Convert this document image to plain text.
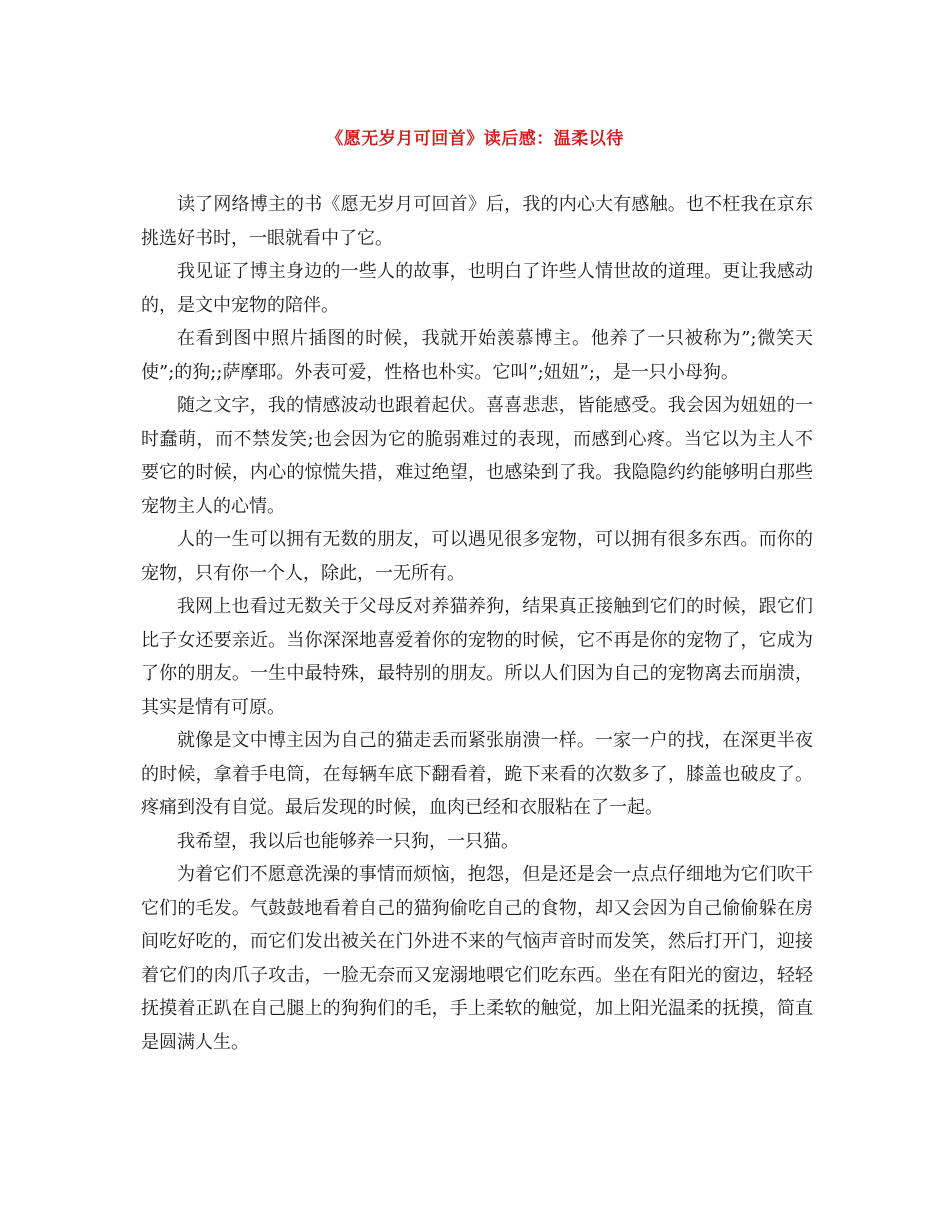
《愿无岁月可回首》读后感：温柔以待

读了网络博主的书《愿无岁月可回首》后，我的内心大有感触。也不枉我在京东挑选好书时，一眼就看中了它。

我见证了博主身边的一些人的故事，也明白了许些人情世故的道理。更让我感动的，是文中宠物的陪伴。

在看到图中照片插图的时候，我就开始羡慕博主。他养了一只被称为”;微笑天使”;的狗;;萨摩耶。外表可爱，性格也朴实。它叫”;妞妞”;，是一只小母狗。

随之文字，我的情感波动也跟着起伏。喜喜悲悲，皆能感受。我会因为妞妞的一时蠢萌，而不禁发笑;也会因为它的脆弱难过的表现，而感到心疼。当它以为主人不要它的时候，内心的惊慌失措，难过绝望，也感染到了我。我隐隐约约能够明白那些宠物主人的心情。

人的一生可以拥有无数的朋友，可以遇见很多宠物，可以拥有很多东西。而你的宠物，只有你一个人，除此，一无所有。

我网上也看过无数关于父母反对养猫养狗，结果真正接触到它们的时候，跟它们比子女还要亲近。当你深深地喜爱着你的宠物的时候，它不再是你的宠物了，它成为了你的朋友。一生中最特殊，最特别的朋友。所以人们因为自己的宠物离去而崩溃，其实是情有可原。

就像是文中博主因为自己的猫走丢而紧张崩溃一样。一家一户的找，在深更半夜的时候，拿着手电筒，在每辆车底下翻看着，跪下来看的次数多了，膝盖也破皮了。疼痛到没有自觉。最后发现的时候，血肉已经和衣服粘在了一起。

我希望，我以后也能够养一只狗，一只猫。

为着它们不愿意洗澡的事情而烦恼，抱怨，但是还是会一点点仔细地为它们吹干它们的毛发。气鼓鼓地看着自己的猫狗偷吃自己的食物，却又会因为自己偷偷躲在房间吃好吃的，而它们发出被关在门外进不来的气恼声音时而发笑，然后打开门，迎接着它们的肉爪子攻击，一脸无奈而又宠溺地喂它们吃东西。坐在有阳光的窗边，轻轻抚摸着正趴在自己腿上的狗狗们的毛，手上柔软的触觉，加上阳光温柔的抚摸，简直是圆满人生。
